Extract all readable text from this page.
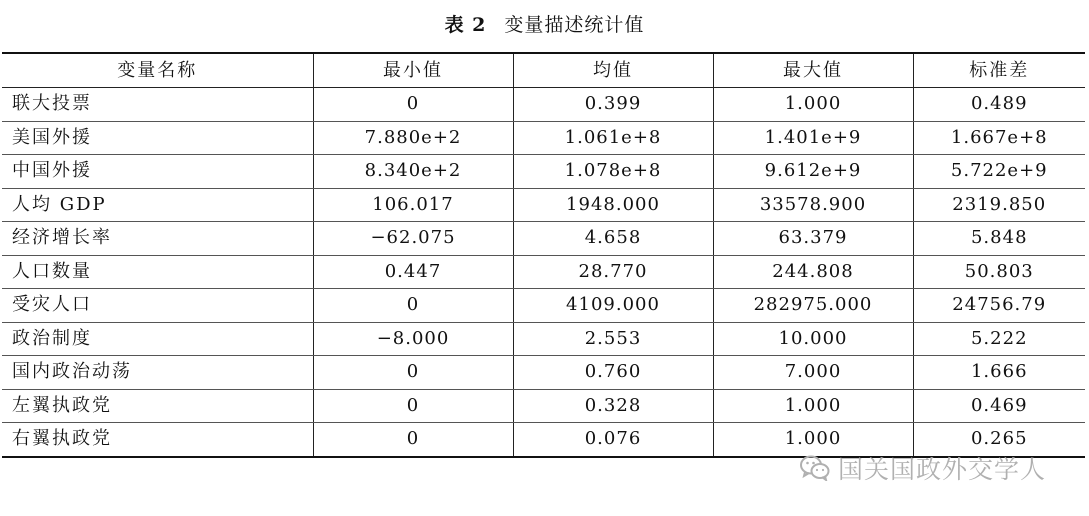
表 2 变量描述统计值
变量名称	最小值	均值	最大值	标准差
联大投票	0	0.399	1.000	0.489
美国外援	7.880e+2	1.061e+8	1.401e+9	1.667e+8
中国外援	8.340e+2	1.078e+8	9.612e+9	5.722e+9
人均 GDP	106.017	1948.000	33578.900	2319.850
经济增长率	−62.075	4.658	63.379	5.848
人口数量	0.447	28.770	244.808	50.803
受灾人口	0	4109.000	282975.000	24756.79
政治制度	−8.000	2.553	10.000	5.222
国内政治动荡	0	0.760	7.000	1.666
左翼执政党	0	0.328	1.000	0.469
右翼执政党	0	0.076	1.000	0.265
国关国政外交学人
